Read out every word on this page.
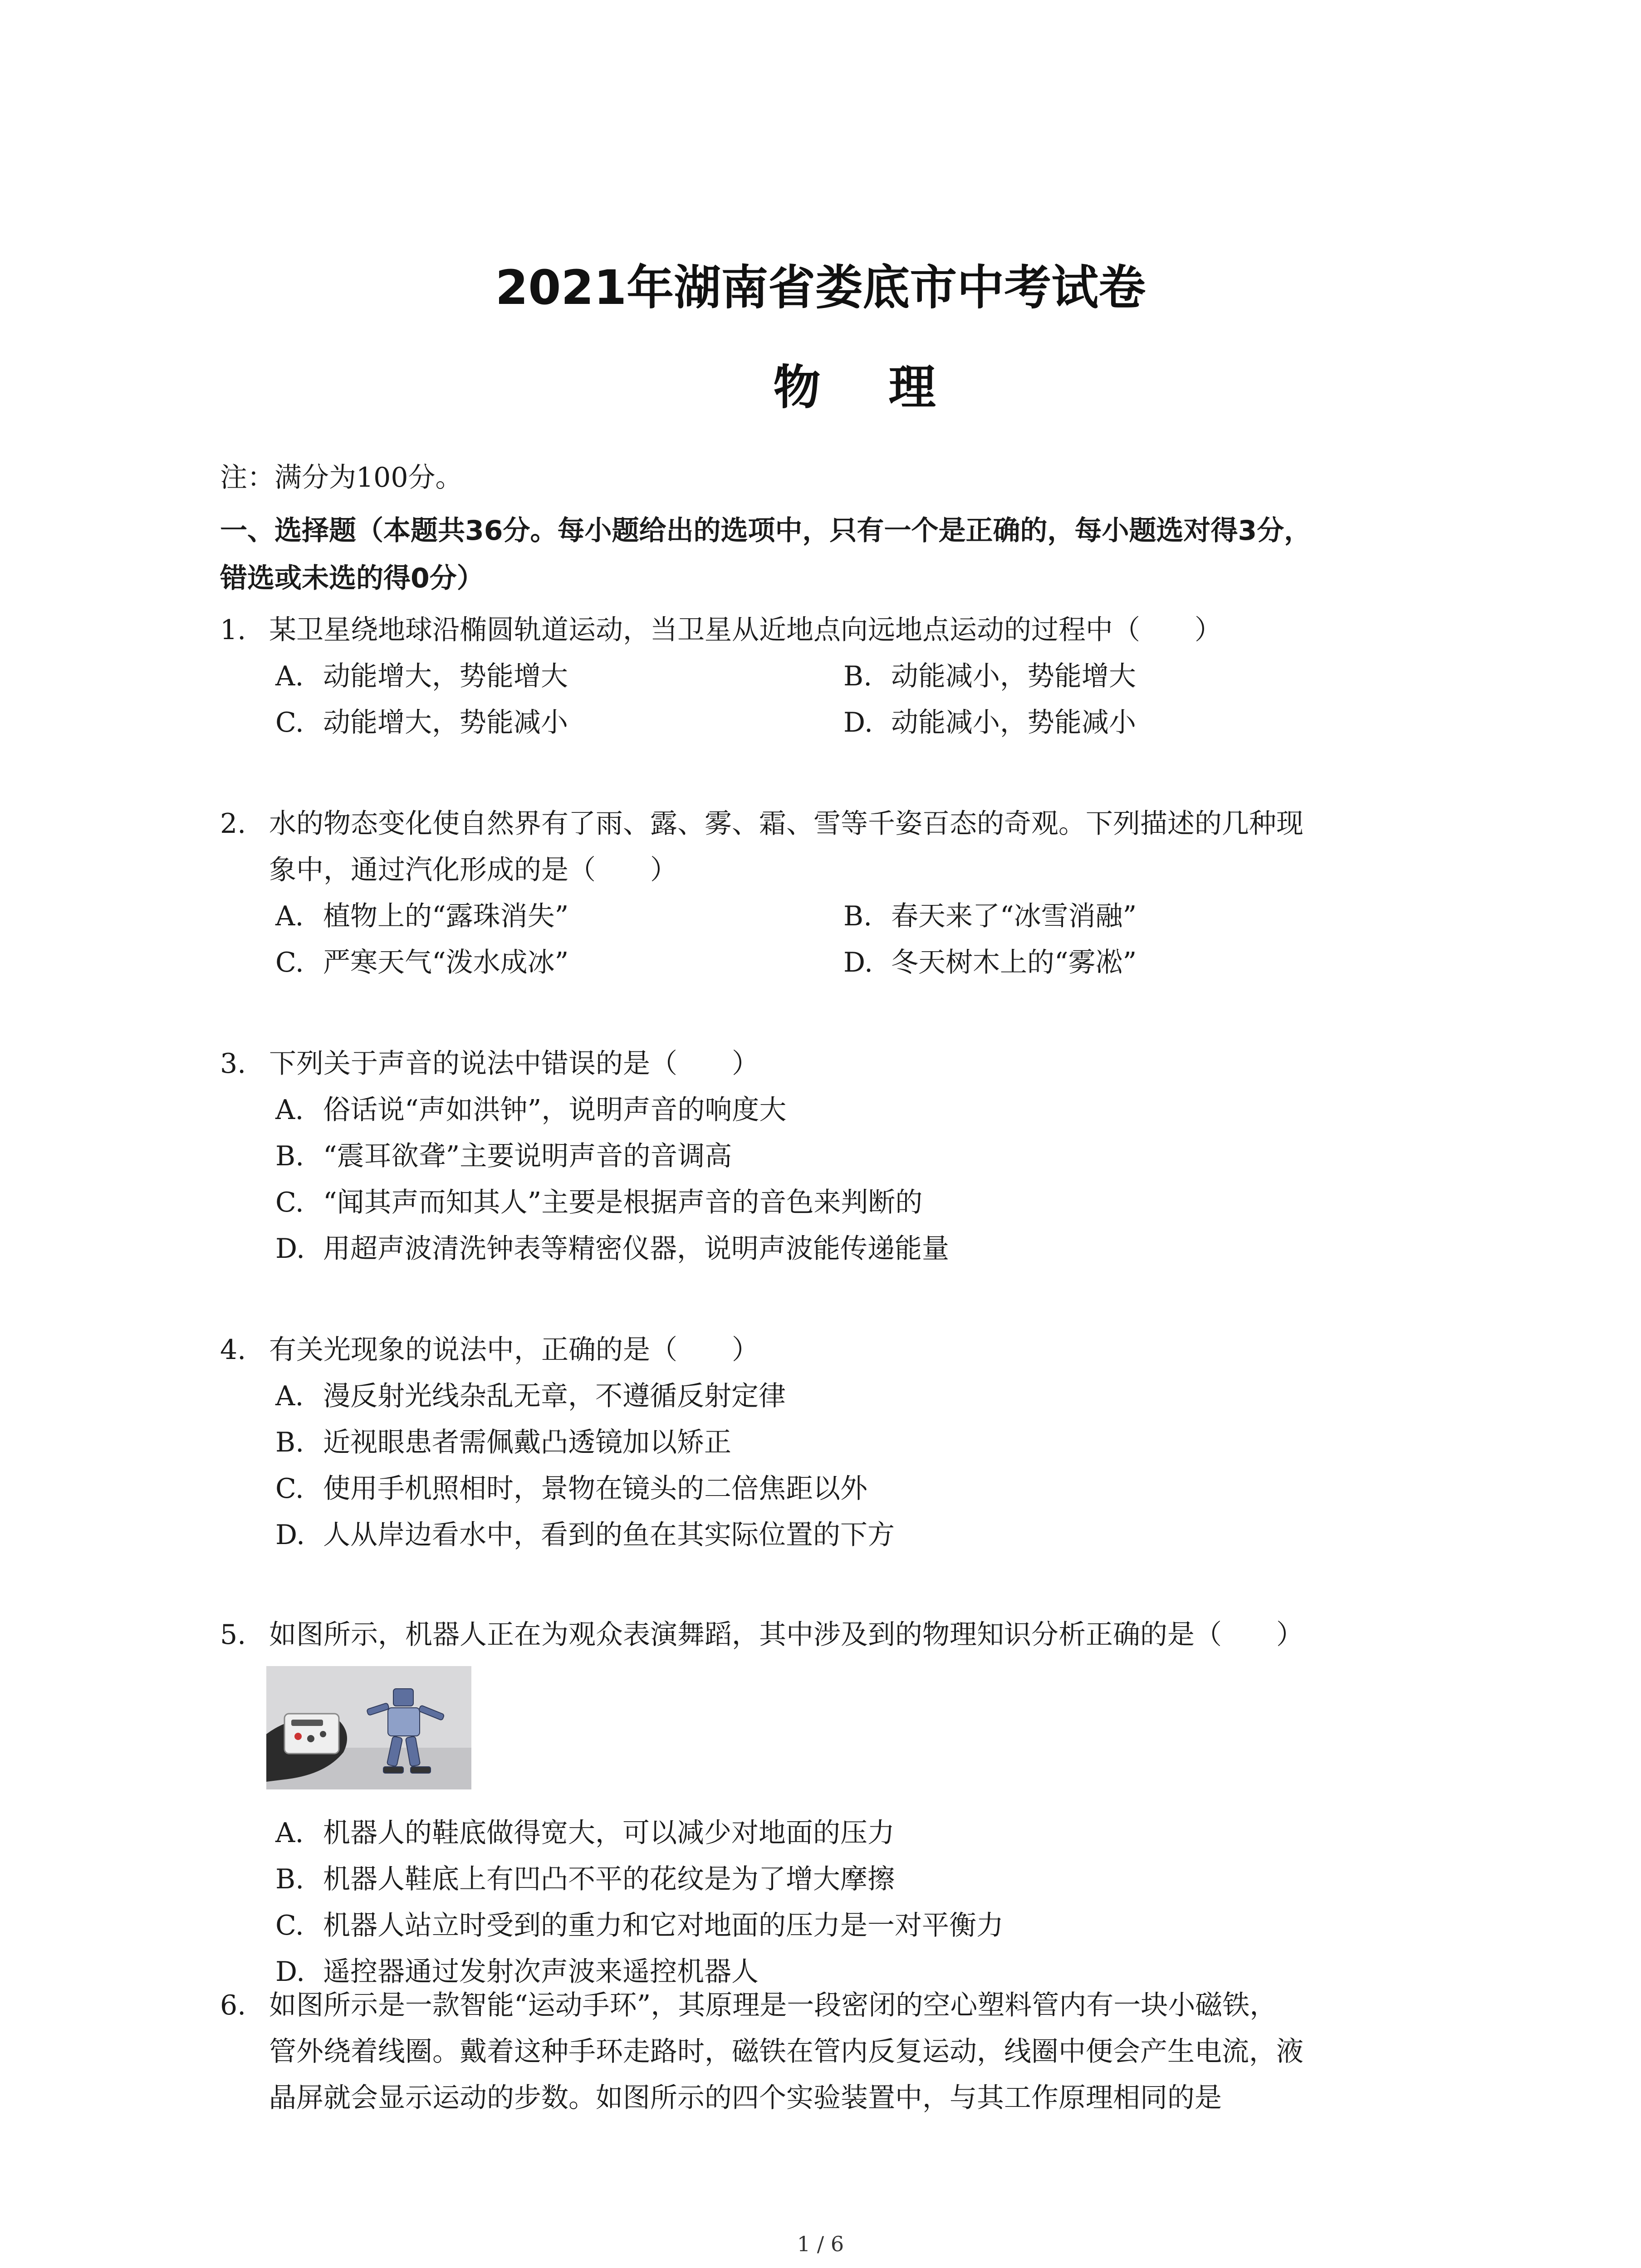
2021年湖南省娄底市中考试卷
物理
注：满分为100分。
一、选择题（本题共36分。每小题给出的选项中，只有一个是正确的，每小题选对得3分，
错选或未选的得0分）
1. 某卫星绕地球沿椭圆轨道运动，当卫星从近地点向远地点运动的过程中（　　）
A. 动能增大，势能增大	B. 动能减小，势能增大
C. 动能增大，势能减小	D. 动能减小，势能减小
2. 水的物态变化使自然界有了雨、露、雾、霜、雪等千姿百态的奇观。下列描述的几种现
象中，通过汽化形成的是（　　）
A. 植物上的“露珠消失”	B. 春天来了“冰雪消融”
C. 严寒天气“泼水成冰”	D. 冬天树木上的“雾凇”
3. 下列关于声音的说法中错误的是（　　）
A. 俗话说“声如洪钟”，说明声音的响度大
B. “震耳欲聋”主要说明声音的音调高
C. “闻其声而知其人”主要是根据声音的音色来判断的
D. 用超声波清洗钟表等精密仪器，说明声波能传递能量
4. 有关光现象的说法中，正确的是（　　）
A. 漫反射光线杂乱无章，不遵循反射定律
B. 近视眼患者需佩戴凸透镜加以矫正
C. 使用手机照相时，景物在镜头的二倍焦距以外
D. 人从岸边看水中，看到的鱼在其实际位置的下方
5. 如图所示，机器人正在为观众表演舞蹈，其中涉及到的物理知识分析正确的是（　　）
A. 机器人的鞋底做得宽大，可以减少对地面的压力
B. 机器人鞋底上有凹凸不平的花纹是为了增大摩擦
C. 机器人站立时受到的重力和它对地面的压力是一对平衡力
D. 遥控器通过发射次声波来遥控机器人
6. 如图所示是一款智能“运动手环”，其原理是一段密闭的空心塑料管内有一块小磁铁，
管外绕着线圈。戴着这种手环走路时，磁铁在管内反复运动，线圈中便会产生电流，液
晶屏就会显示运动的步数。如图所示的四个实验装置中，与其工作原理相同的是
1 / 6
